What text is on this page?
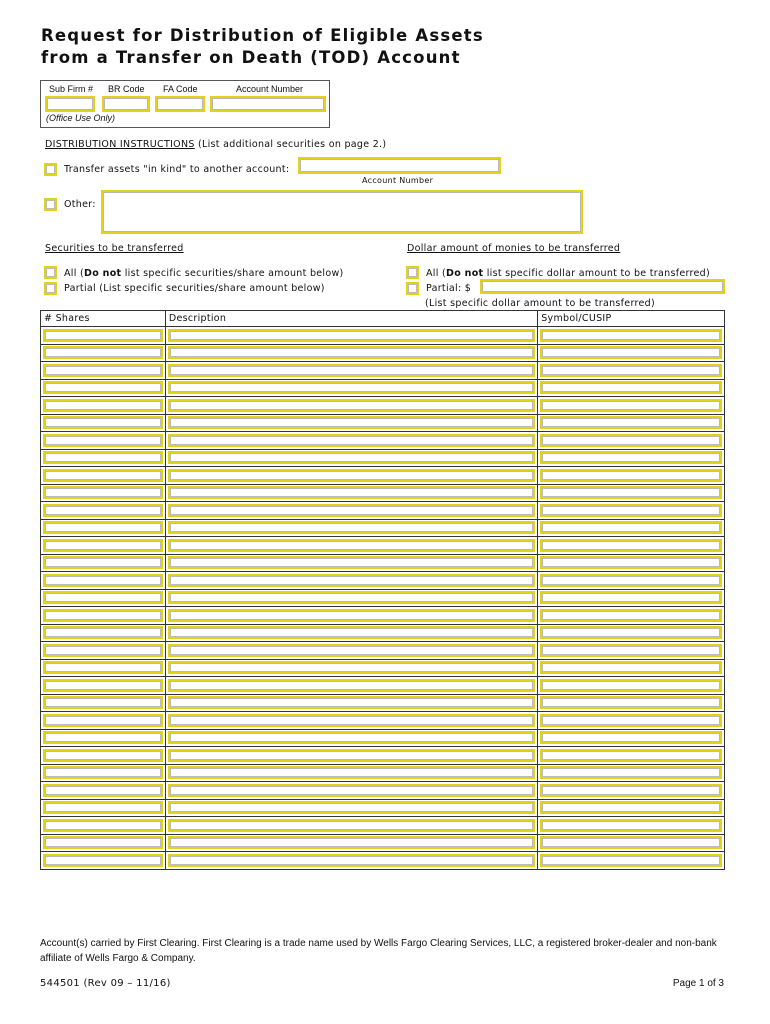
Request for Distribution of Eligible Assets
from a Transfer on Death (TOD) Account
Sub Firm # BR Code FA Code	Account Number
(Office Use Only)
DISTRIBUTION INSTRUCTIONS (List additional securities on page 2.)
Transfer assets "in kind" to another account:
Account Number
Other:
Securities to be transferred
All (Do not list specific securities/share amount below)
Partial (List specific securities/share amount below)
Dollar amount of monies to be transferred
All (Do not list specific dollar amount to be transferred)
Partial: $
(List specific dollar amount to be transferred)
# Shares	Description	Symbol/CUSIP

Account(s) carried by First Clearing. First Clearing is a trade name used by Wells Fargo Clearing Services, LLC, a registered broker-dealer and non-bank affiliate of Wells Fargo & Company.
544501 (Rev 09 – 11/16)	Page 1 of 3
